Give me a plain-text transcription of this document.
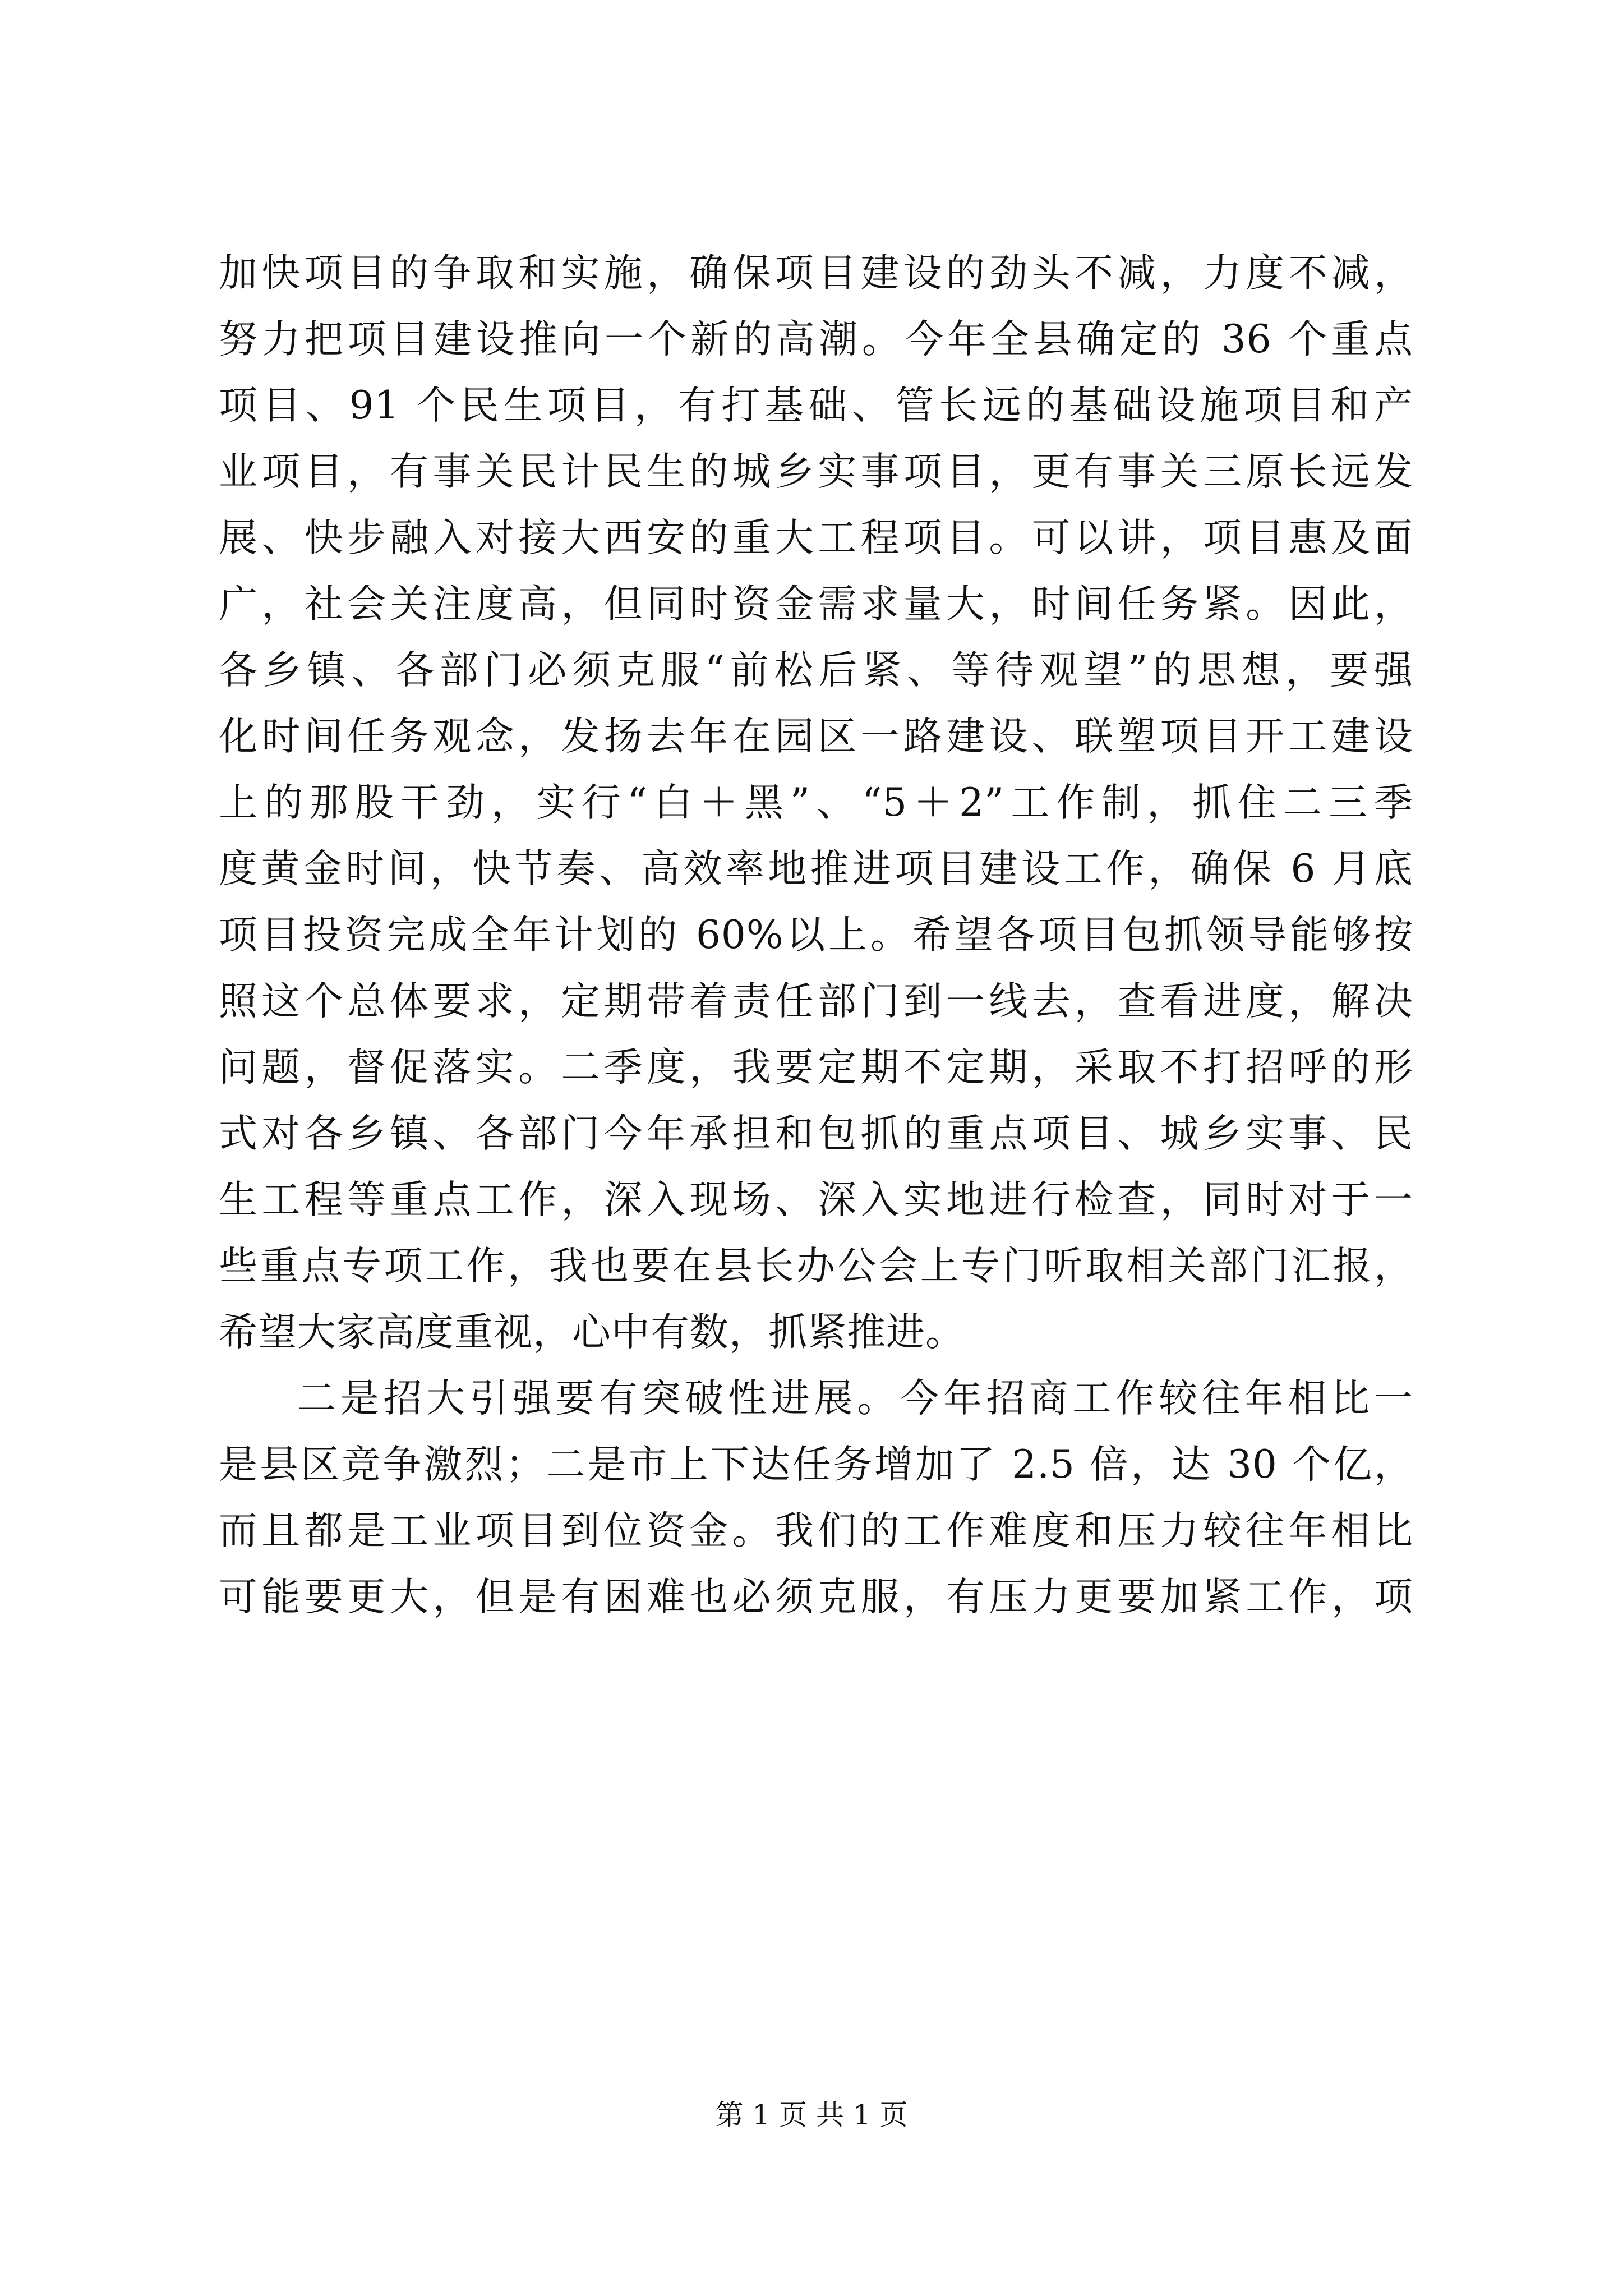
加快项目的争取和实施，确保项目建设的劲头不减，力度不减，
努力把项目建设推向一个新的高潮。今年全县确定的 36 个重点
项目、91 个民生项目，有打基础、管长远的基础设施项目和产
业项目，有事关民计民生的城乡实事项目，更有事关三原长远发
展、快步融入对接大西安的重大工程项目。可以讲，项目惠及面
广，社会关注度高，但同时资金需求量大，时间任务紧。因此，
各乡镇、各部门必须克服“前松后紧、等待观望”的思想，要强
化时间任务观念，发扬去年在园区一路建设、联塑项目开工建设
上的那股干劲，实行“白＋黑”、“5＋2”工作制，抓住二三季
度黄金时间，快节奏、高效率地推进项目建设工作，确保 6 月底
项目投资完成全年计划的 60%以上。希望各项目包抓领导能够按
照这个总体要求，定期带着责任部门到一线去，查看进度，解决
问题，督促落实。二季度，我要定期不定期，采取不打招呼的形
式对各乡镇、各部门今年承担和包抓的重点项目、城乡实事、民
生工程等重点工作，深入现场、深入实地进行检查，同时对于一
些重点专项工作，我也要在县长办公会上专门听取相关部门汇报，
希望大家高度重视，心中有数，抓紧推进。
二是招大引强要有突破性进展。今年招商工作较往年相比一
是县区竞争激烈；二是市上下达任务增加了 2.5 倍，达 30 个亿，
而且都是工业项目到位资金。我们的工作难度和压力较往年相比
可能要更大，但是有困难也必须克服，有压力更要加紧工作，项
第 1 页 共 1 页
